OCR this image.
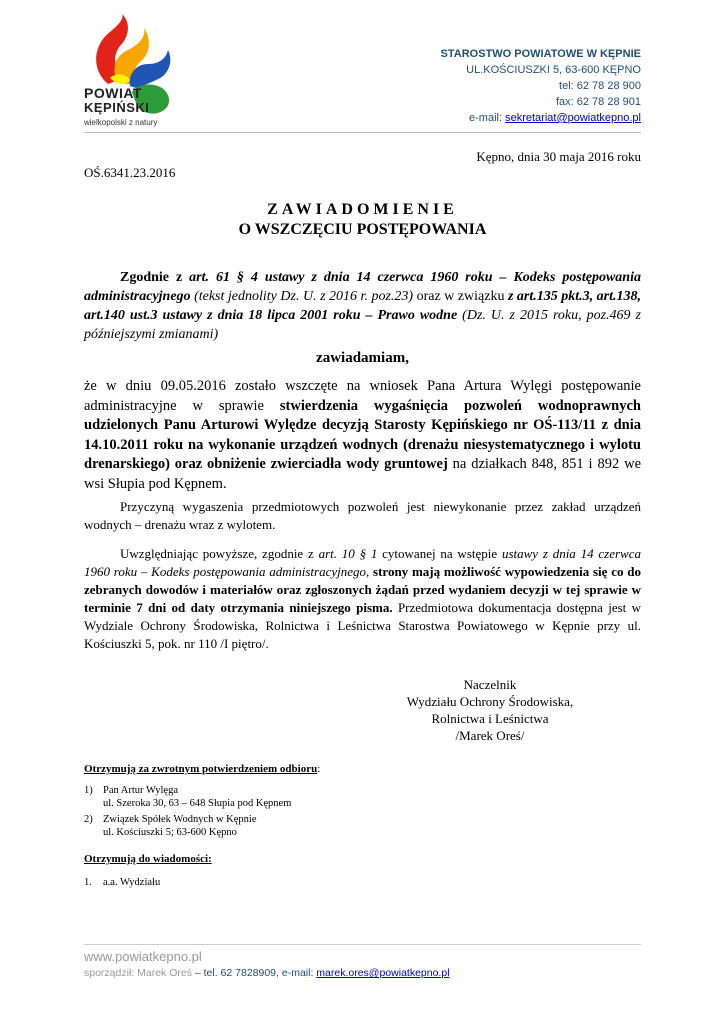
POWIAT
KĘPIŃSKI
wielkopolski z natury
STAROSTWO POWIATOWE W KĘPNIE
UL.KOŚCIUSZKI 5, 63-600 KĘPNO
tel: 62 78 28 900
fax: 62 78 28 901
e-mail: sekretariat@powiatkepno.pl
Kępno, dnia 30 maja 2016 roku
OŚ.6341.23.2016
ZAWIADOMIENIE
O WSZCZĘCIU POSTĘPOWANIA
Zgodnie z art. 61 § 4 ustawy z dnia 14 czerwca 1960 roku – Kodeks postępowania administracyjnego (tekst jednolity Dz. U. z 2016 r. poz.23) oraz w związku z art.135 pkt.3, art.138, art.140 ust.3 ustawy z dnia 18 lipca 2001 roku – Prawo wodne (Dz. U. z 2015 roku, poz.469 z późniejszymi zmianami)
zawiadamiam,
że w dniu 09.05.2016 zostało wszczęte na wniosek Pana Artura Wylęgi postępowanie administracyjne w sprawie stwierdzenia wygaśnięcia pozwoleń wodnoprawnych udzielonych Panu Arturowi Wylędze decyzją Starosty Kępińskiego nr OŚ-113/11 z dnia 14.10.2011 roku na wykonanie urządzeń wodnych (drenażu niesystematycznego i wylotu drenarskiego) oraz obniżenie zwierciadła wody gruntowej na działkach 848, 851 i 892 we wsi Słupia pod Kępnem.
Przyczyną wygaszenia przedmiotowych pozwoleń jest niewykonanie przez zakład urządzeń wodnych – drenażu wraz z wylotem.
Uwzględniając powyższe, zgodnie z art. 10 § 1 cytowanej na wstępie ustawy z dnia 14 czerwca 1960 roku – Kodeks postępowania administracyjnego, strony mają możliwość wypowiedzenia się co do zebranych dowodów i materiałów oraz zgłoszonych żądań przed wydaniem decyzji w tej sprawie w terminie 7 dni od daty otrzymania niniejszego pisma. Przedmiotowa dokumentacja dostępna jest w Wydziale Ochrony Środowiska, Rolnictwa i Leśnictwa Starostwa Powiatowego w Kępnie przy ul. Kościuszki 5, pok. nr 110 /I piętro/.
Naczelnik
Wydziału Ochrony Środowiska,
Rolnictwa i Leśnictwa
/Marek Oreś/
Otrzymują za zwrotnym potwierdzeniem odbioru:
1) Pan Artur Wylęga
ul. Szeroka 30, 63 – 648 Słupia pod Kępnem
2) Związek Spółek Wodnych w Kępnie
ul. Kościuszki 5; 63-600 Kępno
Otrzymują do wiadomości:
1. a.a. Wydziału
www.powiatkepno.pl
sporządził: Marek Oreś – tel. 62 7828909, e-mail: marek.ores@powiatkepno.pl
